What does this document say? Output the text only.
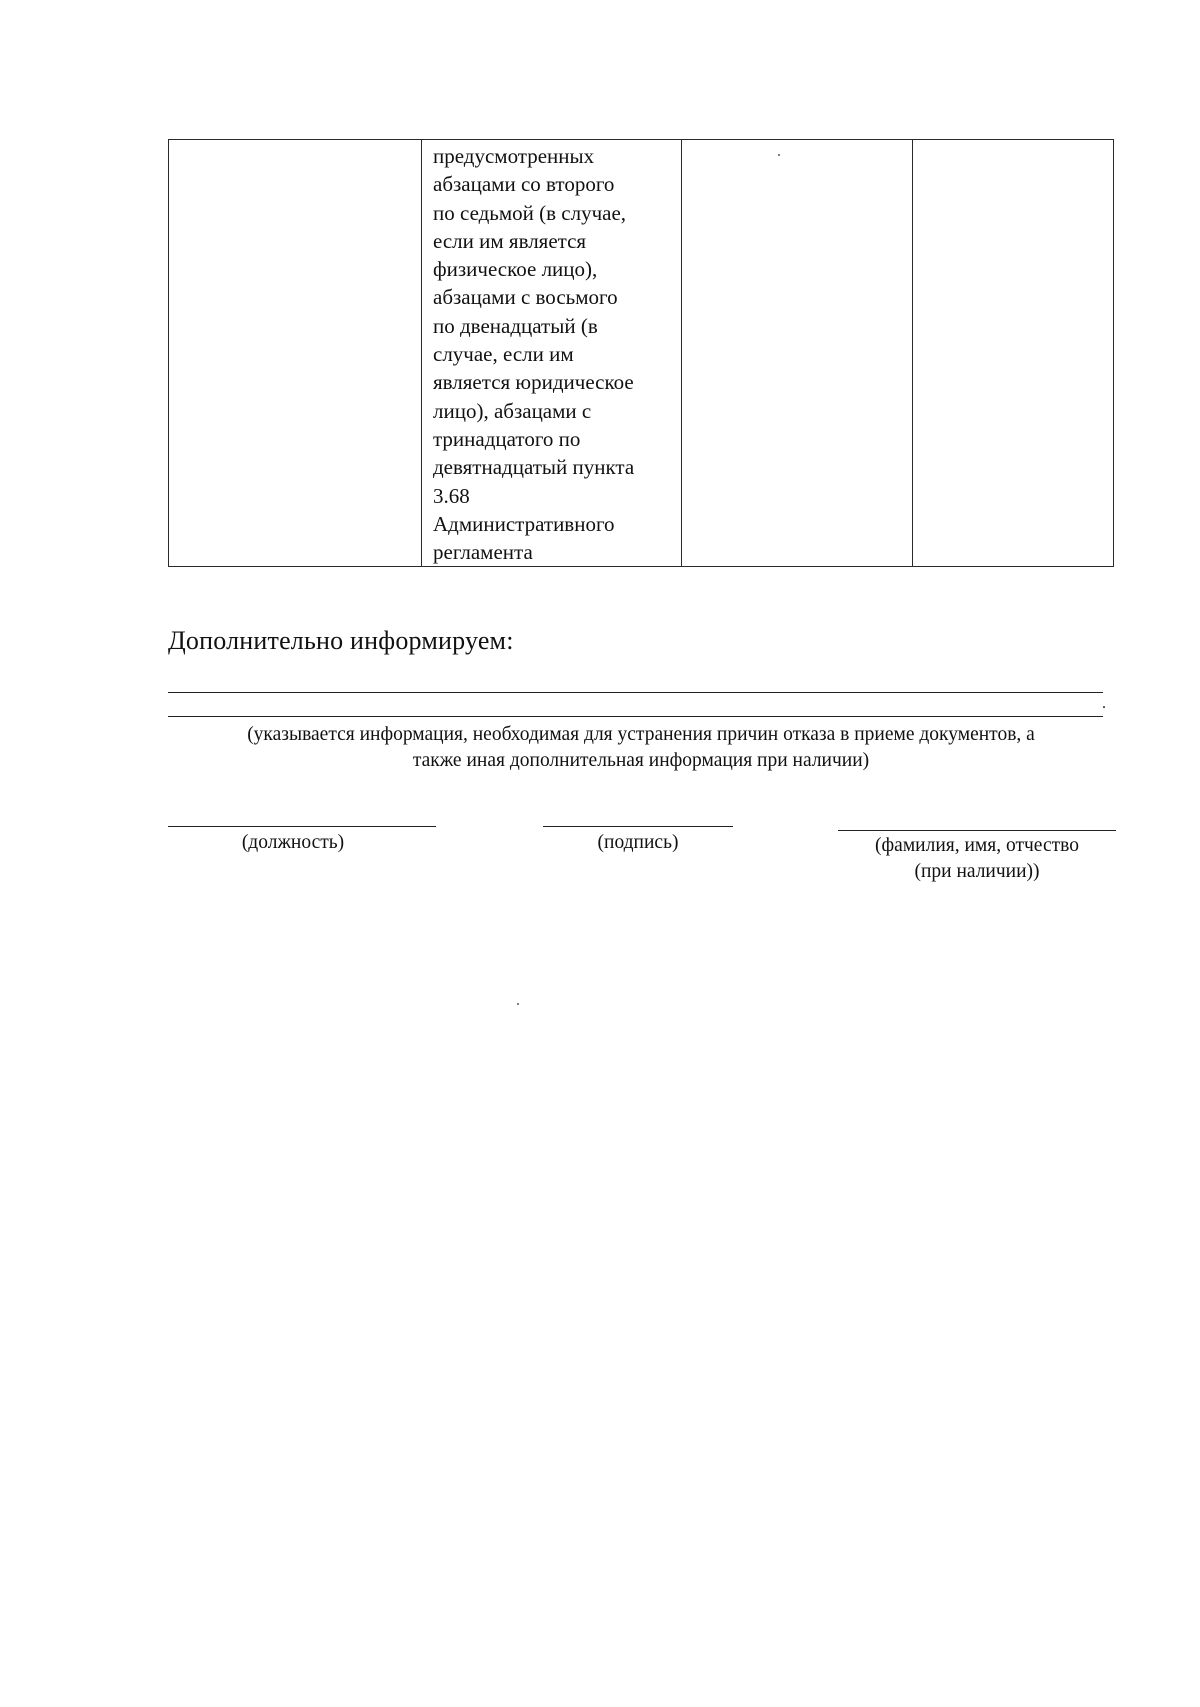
предусмотренных
абзацами со второго
по седьмой (в случае,
если им является
физическое лицо),
абзацами с восьмого
по двенадцатый (в
случае, если им
является юридическое
лицо), абзацами с
тринадцатого по
девятнадцатый пункта
3.68
Административного
регламента

Дополнительно информируем:
.
(указывается информация, необходимая для устранения причин отказа в приеме документов, а
также иная дополнительная информация при наличии)
(должность)	(подпись)	(фамилия, имя, отчество
(при наличии))
